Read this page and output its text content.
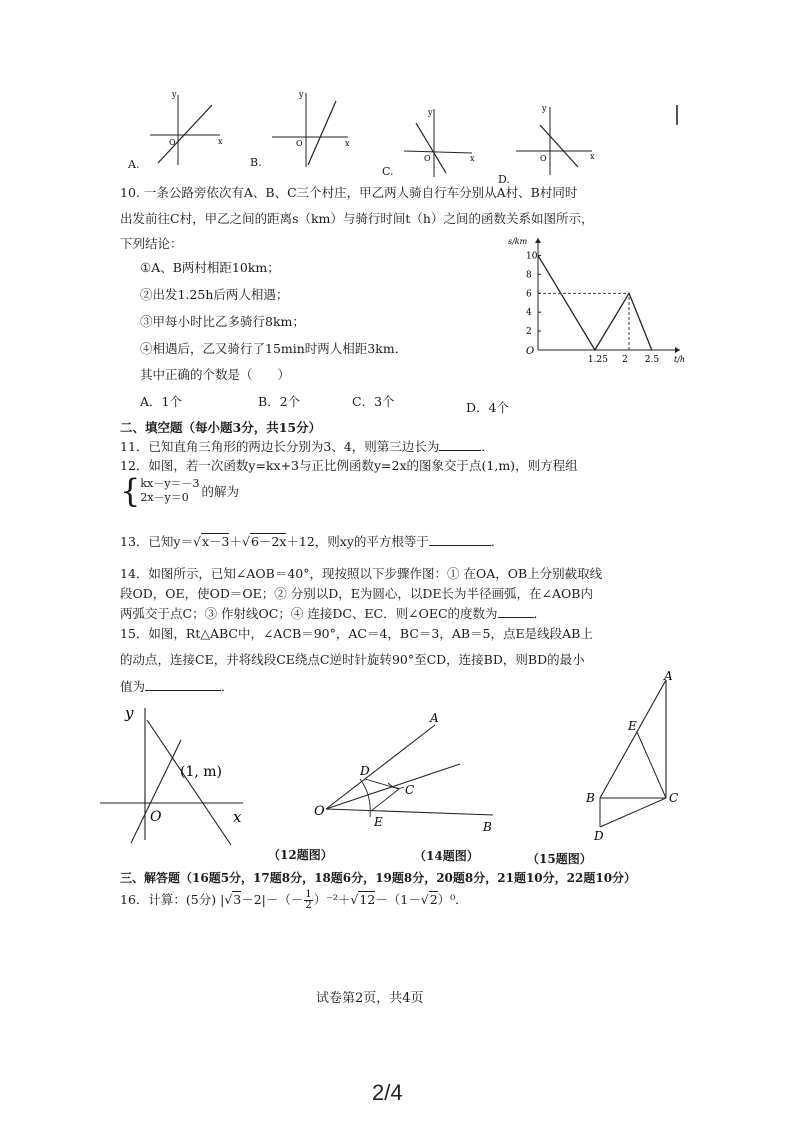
y
x
O
y
x
O
y
x
O
y
x
O
A.	B.
C.
D.
10. 一条公路旁依次有A、B、C三个村庄，甲乙两人骑自行车分别从A村、B村同时
出发前往C村，甲乙之间的距离s（km）与骑行时间t（h）之间的函数关系如图所示，
下列结论：
①A、B两村相距10km；
②出发1.25h后两人相遇；
③甲每小时比乙多骑行8km；
④相遇后，乙又骑行了15min时两人相距3km．
其中正确的个数是（　　）
A．1个	B．2个	C．3个	D．4个
2
4
6
8
10
1.25 2 2.5
s/km
t/h
O
二、填空题（每小题3分，共15分）
11．已知直角三角形的两边长分别为3、4，则第三边长为	．
12．如图，若一次函数y=kx+3与正比例函数y=2x的图象交于点(1,m)，则方程组
{ kx－y＝－3
2x－y＝0	的解为
13．已知y＝√x－3＋√6－2x＋12，则xy的平方根等于	．
14．如图所示，已知∠AOB＝40°，现按照以下步骤作图：① 在OA，OB上分别截取线
段OD，OE，使OD＝OE；② 分别以D，E为圆心，以DE长为半径画弧，在∠AOB内
两弧交于点C；③ 作射线OC；④ 连接DC、EC．则∠OEC的度数为	．
15．如图，Rt△ABC中，∠ACB＝90°，AC＝4，BC＝3，AB＝5，点E是线段AB上
的动点，连接CE，并将线段CE绕点C逆时针旋转90°至CD，连接BD，则BD的最小
值为	．
y
x
O
(1, m)
A
B
C
D
E
O
A
E
B	C
D
（12题图）	（14题图）	（15题图）
三、解答题（16题5分，17题8分，18题6分，19题8分，20题8分，21题10分，22题10分）
16．计算：(5分) $|√3-2|-(- \frac{1}{2} )^{-2}+√12-(1-√2)^0$．
试卷第2页，共4页
2/4
